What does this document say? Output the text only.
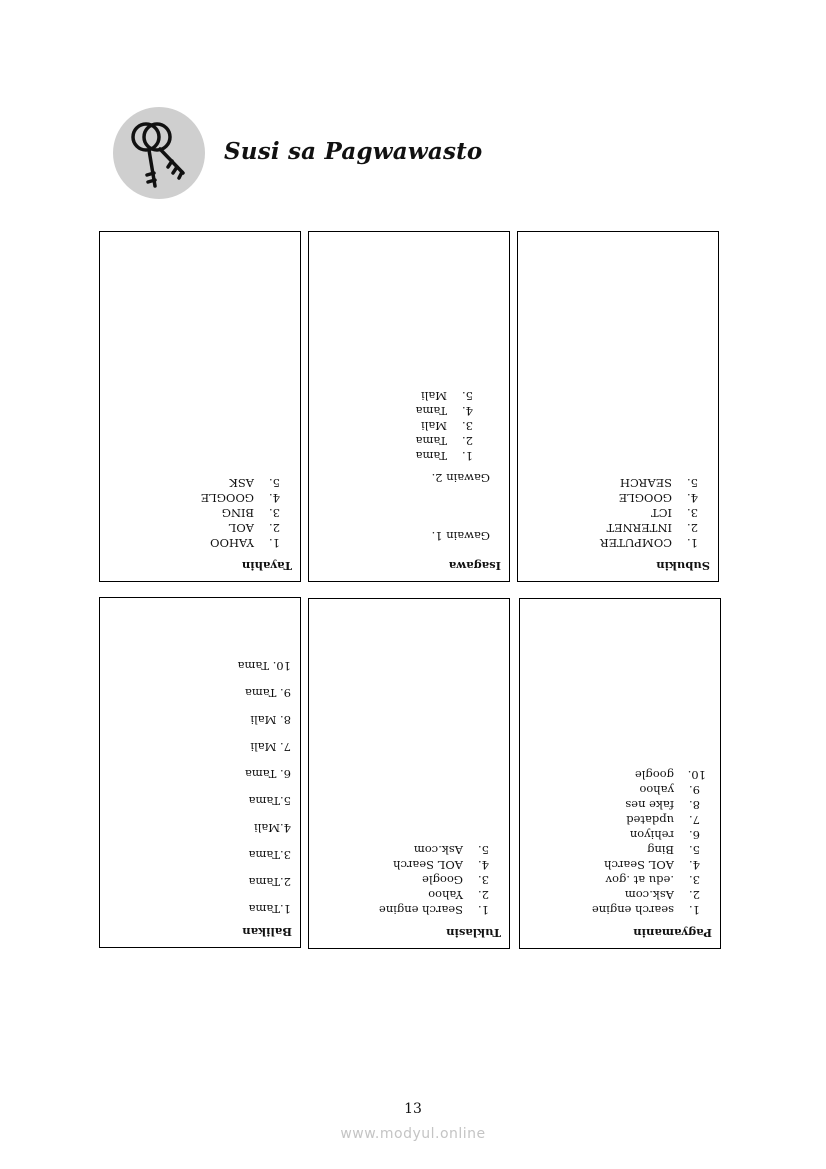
Susi sa Pagwawasto
Tayahin
1.YAHOO
2.AOL
3.BING
4.GOOGLE
5.ASK
Isagawa
Gawain 1.
Gawain 2.
1.Tama
2.Tama
3.Mali
4.Tama
5.Mali
Subukin
1.COMPUTER
2.INTERNET
3.ICT
4.GOOGLE
5.SEARCH
Balikan
1.Tama
2.Tama
3.Tama
4.Mali
5.Tama
6. Tama
7. Mali
8. Mali
9. Tama
10. Tama
Tuklasin
1.Search engine
2.Yahoo
3.Google
4.AOL Search
5.Ask.com
Pagyamanin
1.search engine
2.Ask.com
3..edu at .gov
4.AOL Search
5.Bing
6.rehiyon
7.updated
8.fake nes
9.yahoo
10.google
13
www.modyul.online
